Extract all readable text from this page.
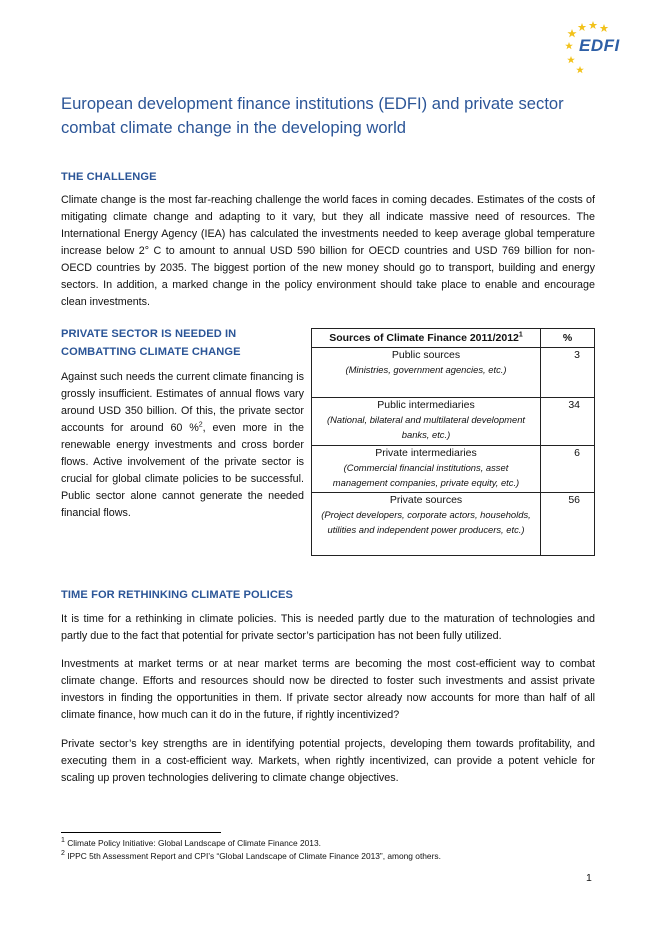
EDFI
European development finance institutions (EDFI) and private sector combat climate change in the developing world
THE CHALLENGE
Climate change is the most far-reaching challenge the world faces in coming decades. Estimates of the costs of mitigating climate change and adapting to it vary, but they all indicate massive need of resources. The International Energy Agency (IEA) has calculated the investments needed to keep average global temperature increase below 2° C to amount to annual USD 590 billion for OECD countries and USD 769 billion for non-OECD countries by 2035. The biggest portion of the new money should go to transport, building and energy sectors. In addition, a marked change in the policy environment should take place to enable and encourage clean investments.
PRIVATE SECTOR IS NEEDED IN
COMBATTING CLIMATE CHANGE
Against such needs the current climate financing is grossly insufficient. Estimates of annual flows vary around USD 350 billion. Of this, the private sector accounts for around 60 %$^2$, even more in the renewable energy investments and cross border flows. Active involvement of the private sector is crucial for global climate policies to be successful. Public sector alone cannot generate the needed financial flows.
Sources of Climate Finance 2011/2012$^1$	%
Public sources
(Ministries, government agencies, etc.)	3
Public intermediaries
(National, bilateral and multilateral development banks, etc.)	34
Private intermediaries
(Commercial financial institutions, asset management companies, private equity, etc.)	6
Private sources
(Project developers, corporate actors, households, utilities and independent power producers, etc.)	56
TIME FOR RETHINKING CLIMATE POLICES
It is time for a rethinking in climate policies. This is needed partly due to the maturation of technologies and partly due to the fact that potential for private sector’s participation has not been fully utilized.
Investments at market terms or at near market terms are becoming the most cost-efficient way to combat climate change. Efforts and resources should now be directed to foster such investments and assist private investors in finding the opportunities in them. If private sector already now accounts for more than half of all climate finance, how much can it do in the future, if rightly incentivized?
Private sector’s key strengths are in identifying potential projects, developing them towards profitability, and executing them in a cost-efficient way. Markets, when rightly incentivized, can provide a potent vehicle for scaling up proven technologies delivering to climate change objectives.
$^1$ Climate Policy Initiative: Global Landscape of Climate Finance 2013.
$^2$ IPPC 5th Assessment Report and CPI’s “Global Landscape of Climate Finance 2013”, among others.
1
